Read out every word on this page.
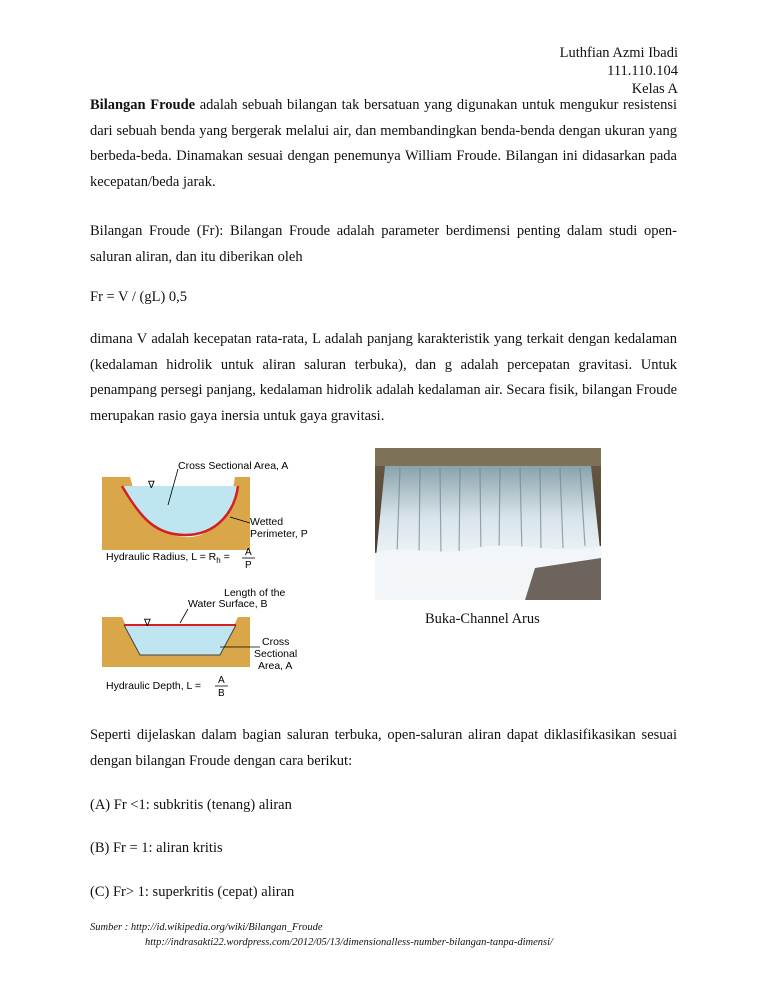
Luthfian Azmi Ibadi
111.110.104
Kelas A
Bilangan Froude adalah sebuah bilangan tak bersatuan yang digunakan untuk mengukur resistensi dari sebuah benda yang bergerak melalui air, dan membandingkan benda-benda dengan ukuran yang berbeda-beda. Dinamakan sesuai dengan penemunya William Froude. Bilangan ini didasarkan pada kecepatan/beda jarak.
Bilangan Froude (Fr): Bilangan Froude adalah parameter berdimensi penting dalam studi open-saluran aliran, dan itu diberikan oleh
Fr = V / (gL) 0,5
dimana V adalah kecepatan rata-rata, L adalah panjang karakteristik yang terkait dengan kedalaman (kedalaman hidrolik untuk aliran saluran terbuka), dan g adalah percepatan gravitasi. Untuk penampang persegi panjang, kedalaman hidrolik adalah kedalaman air. Secara fisik, bilangan Froude merupakan rasio gaya inersia untuk gaya gravitasi.
∇
Cross Sectional Area, A
Wetted
Perimeter, P
Hydraulic Radius, $L = R_h = A$
P
Length of the
Water Surface, B
∇
Cross
Sectional
Area, A
Hydraulic Depth, L = A
B
Buka-Channel Arus
Seperti dijelaskan dalam bagian saluran terbuka, open-saluran aliran dapat diklasifikasikan sesuai dengan bilangan Froude dengan cara berikut:
(A) Fr <1: subkritis (tenang) aliran
(B) Fr = 1: aliran kritis
(C) Fr> 1: superkritis (cepat) aliran
Sumber : http://id.wikipedia.org/wiki/Bilangan_Froude
http://indrasakti22.wordpress.com/2012/05/13/dimensionalless-number-bilangan-tanpa-dimensi/
